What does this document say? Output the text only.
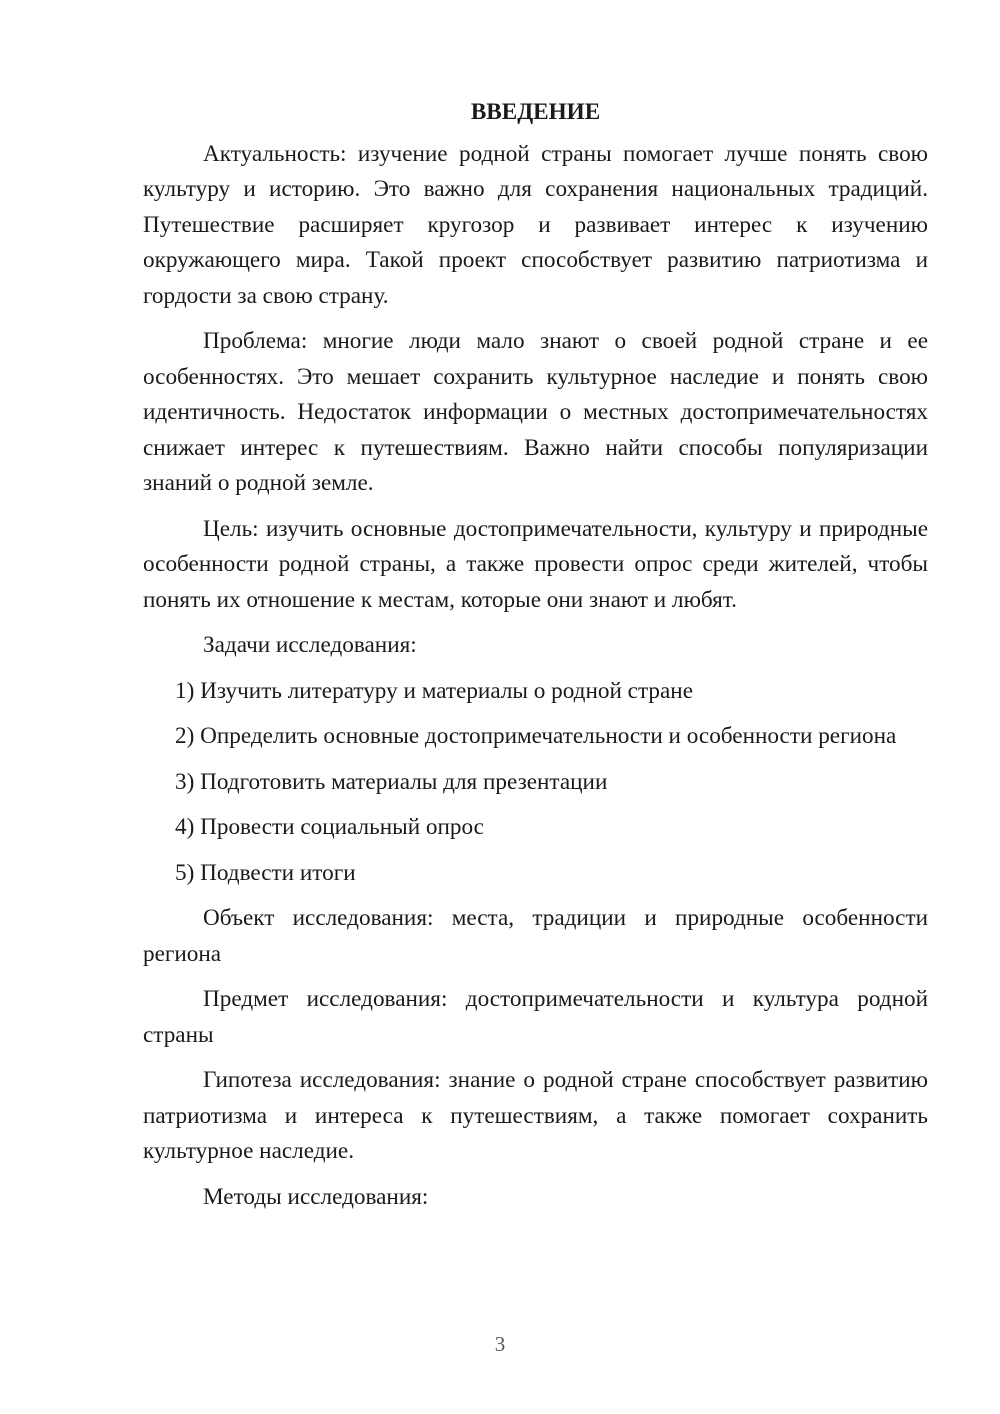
ВВЕДЕНИЕ

Актуальность: изучение родной страны помогает лучше понять свою культуру и историю. Это важно для сохранения национальных традиций. Путешествие расширяет кругозор и развивает интерес к изучению окружающего мира. Такой проект способствует развитию патриотизма и гордости за свою страну.

Проблема: многие люди мало знают о своей родной стране и ее особенностях. Это мешает сохранить культурное наследие и понять свою идентичность. Недостаток информации о местных достопримечательностях снижает интерес к путешествиям. Важно найти способы популяризации знаний о родной земле.

Цель: изучить основные достопримечательности, культуру и природные особенности родной страны, а также провести опрос среди жителей, чтобы понять их отношение к местам, которые они знают и любят.

Задачи исследования:

1) Изучить литературу и материалы о родной стране

2) Определить основные достопримечательности и особенности региона

3) Подготовить материалы для презентации

4) Провести социальный опрос

5) Подвести итоги

Объект исследования: места, традиции и природные особенности региона

Предмет исследования: достопримечательности и культура родной страны

Гипотеза исследования: знание о родной стране способствует развитию патриотизма и интереса к путешествиям, а также помогает сохранить культурное наследие.

Методы исследования:

3
